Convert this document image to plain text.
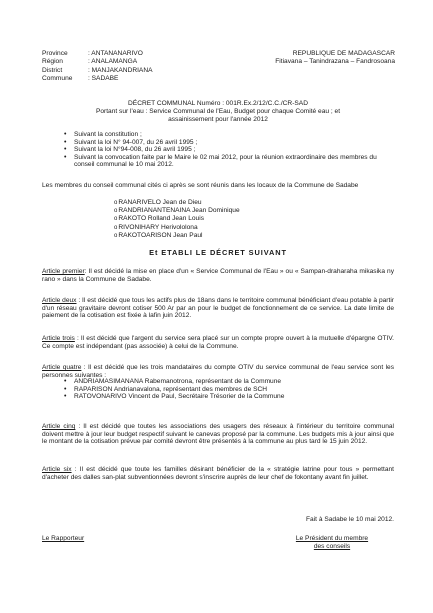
Province	: ANTANANARIVO
Région	: ANALAMANGA
District	: MANJAKANDRIANA
Commune	: SADABE
REPUBLIQUE DE MADAGASCAR
Fitiavana – Tanindrazana – Fandrosoana
DÉCRET COMMUNAL Numéro : 001R.Ex.2/12/C.C./CR-SAD
Portant sur l'eau : Service Communal de l'Eau, Budget pour chaque Comité eau ; et
assainissement pour l'année 2012
• Suivant la constitution ;
• Suivant la loi N° 94-007, du 26 avril 1995 ;
• Suivant la loi N°94-008, du 26 avril 1995 ;
• Suivant la convocation faite par le Maire le 02 mai 2012, pour la réunion extraordinaire des membres du conseil communal le 10 mai 2012.
Les membres du conseil communal cités ci après se sont réunis dans les locaux de la Commune de Sadabe
o RANARIVELO Jean de Dieu
o RANDRIANANTENAINA Jean Dominique
o RAKOTO Rolland Jean Louis
o RIVONIHARY Herivololona
o RAKOTOARISON Jean Paul
Et ETABLI LE DÉCRET SUIVANT
Article premier: Il est décidé la mise en place d'un « Service Communal de l'Eau » ou « Sampan-draharaha mikasika ny rano » dans la Commune de Sadabe.
Article deux : Il est décidé que tous les actifs plus de 18ans dans le territoire communal bénéficiant d'eau potable à partir d'un réseau gravitaire devront cotiser 500 Ar par an pour le budget de fonctionnement de ce service. La date limite de paiement de la cotisation est fixée à lafin juin 2012.
Article trois : Il est décidé que l'argent du service sera placé sur un compte propre ouvert à la mutuelle d'épargne OTIV. Ce compte est indépendant (pas associée) à celui de la Commune.
Article quatre : Il est décidé que les trois mandataires du compte OTIV du service communal de l'eau service sont les personnes suivantes :
• ANDRIAMASIMANANA Rabemanotrona, représentant de la Commune
• RAPARISON Andrianavalona, représentant des membres de SCH
• RATOVONARIVO Vincent de Paul, Secrétaire Trésorier de la Commune
Article cinq : Il est décidé que toutes les associations des usagers des réseaux à l'intérieur du territoire communal doivent mettre à jour leur budget respectif suivant le canevas proposé par la commune. Les budgets mis à jour ainsi que le montant de la cotisation prévue par comité devront être présentés à la commune au plus tard le 15 juin 2012.
Article six : Il est décidé que toute les familles désirant bénéficier de la « stratégie latrine pour tous » permettant d'acheter des dalles san-plat subventionnées devront s'inscrire auprès de leur chef de fokontany avant fin juillet.
Fait à Sadabe le 10 mai 2012.
Le Rapporteur	Le Président du membre
des conseils
